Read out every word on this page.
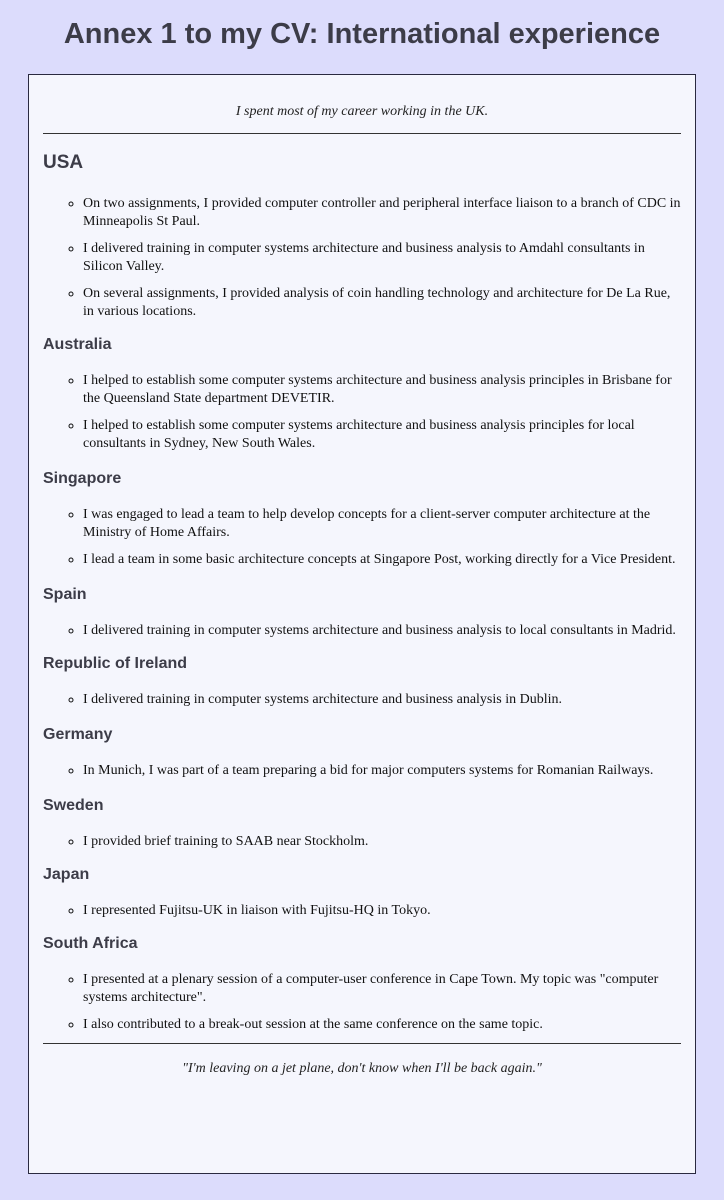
Annex 1 to my CV: International experience

I spent most of my career working in the UK.

USA
◦ On two assignments, I provided computer controller and peripheral interface liaison to a branch of CDC in Minneapolis St Paul.
◦ I delivered training in computer systems architecture and business analysis to Amdahl consultants in Silicon Valley.
◦ On several assignments, I provided analysis of coin handling technology and architecture for De La Rue, in various locations.
Australia
◦ I helped to establish some computer systems architecture and business analysis principles in Brisbane for the Queensland State department DEVETIR.
◦ I helped to establish some computer systems architecture and business analysis principles for local consultants in Sydney, New South Wales.
Singapore
◦ I was engaged to lead a team to help develop concepts for a client-server computer architecture at the Ministry of Home Affairs.
◦ I lead a team in some basic architecture concepts at Singapore Post, working directly for a Vice President.
Spain
◦ I delivered training in computer systems architecture and business analysis to local consultants in Madrid.
Republic of Ireland
◦ I delivered training in computer systems architecture and business analysis in Dublin.
Germany
◦ In Munich, I was part of a team preparing a bid for major computers systems for Romanian Railways.
Sweden
◦ I provided brief training to SAAB near Stockholm.
Japan
◦ I represented Fujitsu-UK in liaison with Fujitsu-HQ in Tokyo.
South Africa
◦ I presented at a plenary session of a computer-user conference in Cape Town. My topic was "computer systems architecture".
◦ I also contributed to a break-out session at the same conference on the same topic.

"I'm leaving on a jet plane, don't know when I'll be back again."
